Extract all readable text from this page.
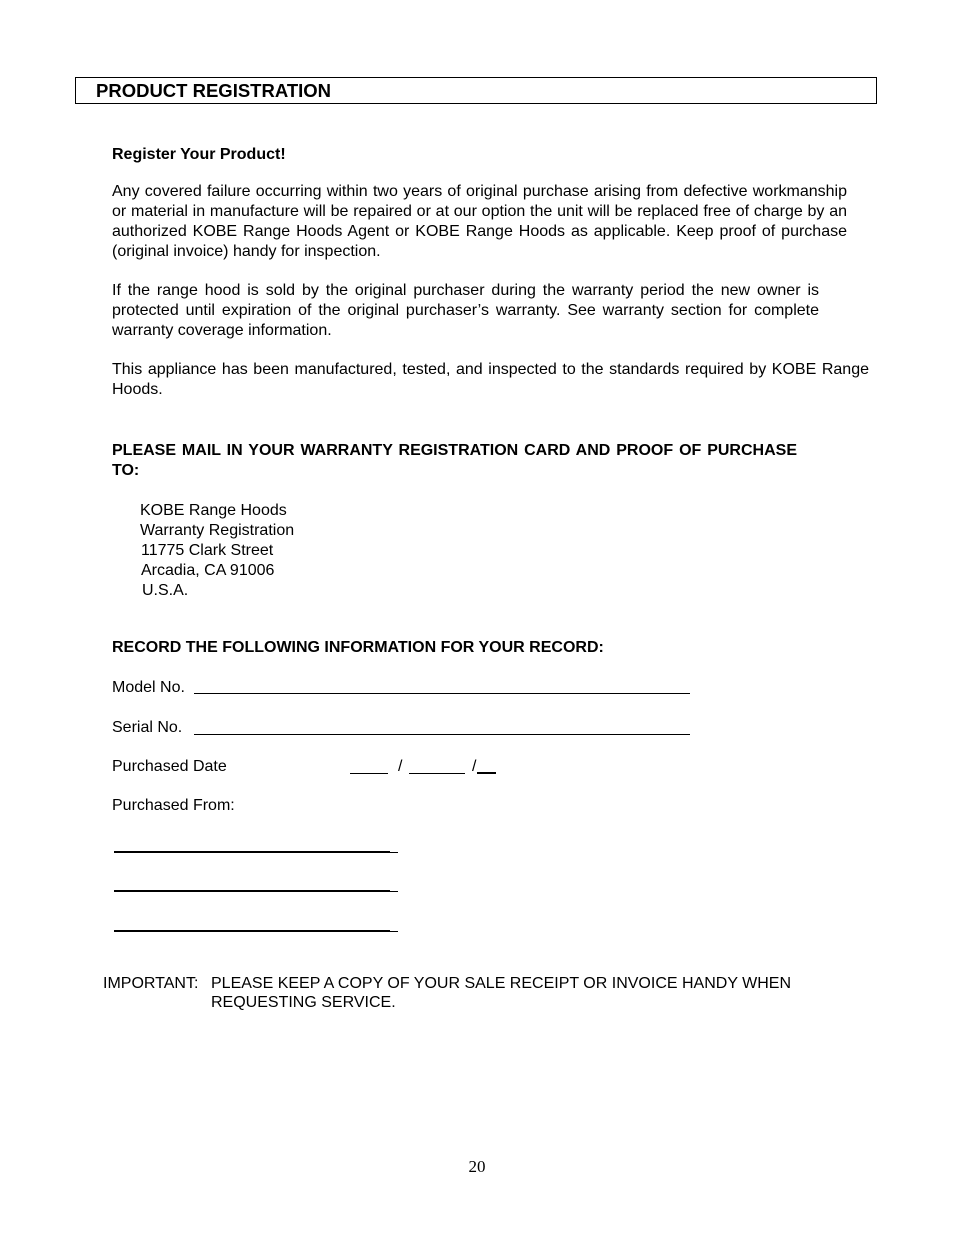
PRODUCT REGISTRATION
Register Your Product!
Any covered failure occurring within two years of original purchase arising from defective workmanship or material in manufacture will be repaired or at our option the unit will be replaced free of charge by an authorized KOBE Range Hoods Agent or KOBE Range Hoods as applicable. Keep proof of purchase (original invoice) handy for inspection.
If the range hood is sold by the original purchaser during the warranty period the new owner is protected until expiration of the original purchaser’s warranty. See warranty section for complete warranty coverage information.
This appliance has been manufactured, tested, and inspected to the standards required by KOBE Range Hoods.
PLEASE MAIL IN YOUR WARRANTY REGISTRATION CARD AND PROOF OF PURCHASE TO:
KOBE Range Hoods
Warranty Registration
11775 Clark Street
Arcadia, CA 91006
U.S.A.
RECORD THE FOLLOWING INFORMATION FOR YOUR RECORD:
Model No.
Serial No.
Purchased Date	/	/
Purchased From:
IMPORTANT: PLEASE KEEP A COPY OF YOUR SALE RECEIPT OR INVOICE HANDY WHEN
REQUESTING SERVICE.
20
